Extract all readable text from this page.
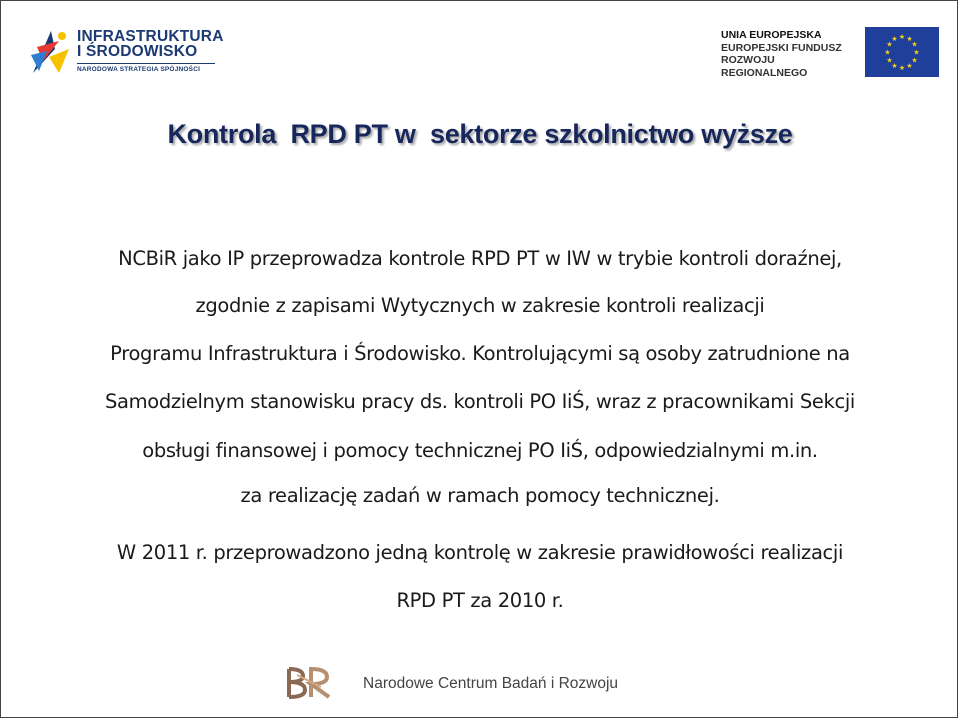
INFRASTRUKTURA
I ŚRODOWISKO
NARODOWA STRATEGIA SPÓJNOŚCI
UNIA EUROPEJSKA
EUROPEJSKI FUNDUSZ
ROZWOJU REGIONALNEGO
★ ★
★
★
★
★
★
★
★
★
★
★
Kontrola  RPD PT w  sektorze szkolnictwo wyższe
NCBiR jako IP przeprowadza kontrole RPD PT w IW w trybie kontroli doraźnej,
zgodnie z zapisami Wytycznych w zakresie kontroli realizacji
Programu Infrastruktura i Środowisko. Kontrolującymi są osoby zatrudnione na
Samodzielnym stanowisku pracy ds. kontroli PO IiŚ, wraz z pracownikami Sekcji
obsługi finansowej i pomocy technicznej PO IiŚ, odpowiedzialnymi m.in.
za realizację zadań w ramach pomocy technicznej.
W 2011 r. przeprowadzono jedną kontrolę w zakresie prawidłowości realizacji
RPD PT za 2010 r.
Narodowe Centrum Badań i Rozwoju
